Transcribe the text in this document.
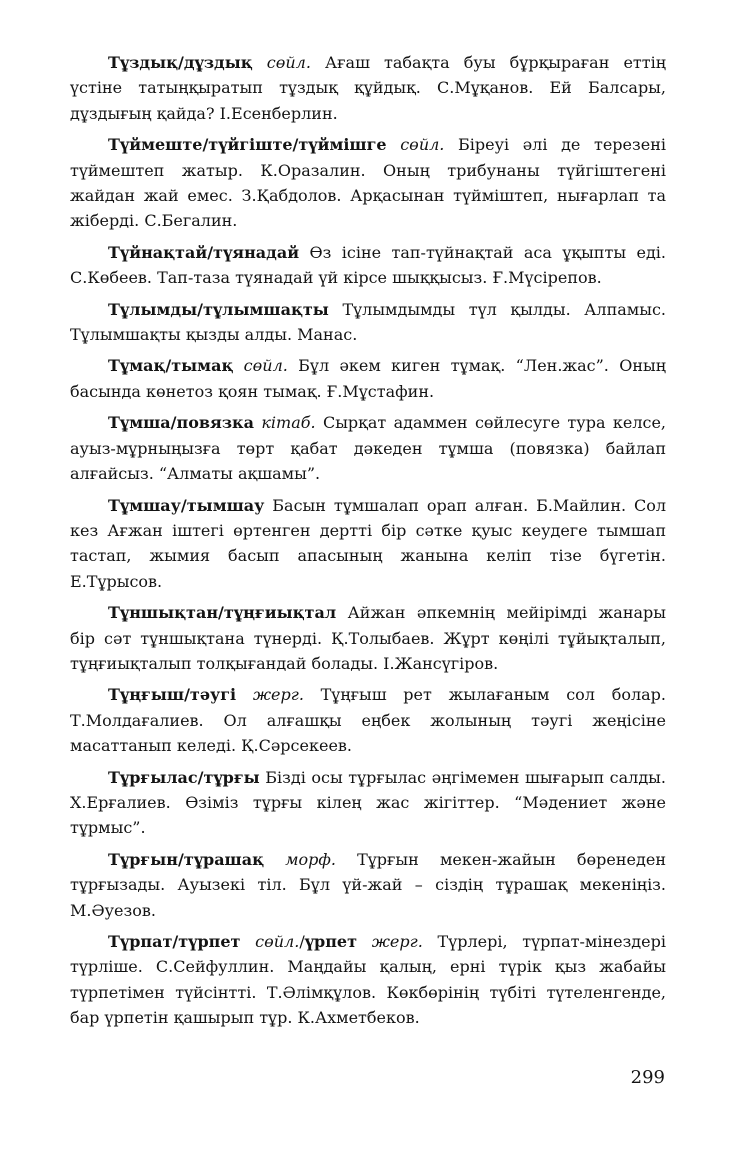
Тұздық/дұздық сөйл. Ағаш табақта буы бұрқыраған еттің үстіне татыңқыратып тұздық құйдық. С.Мұқанов. Ей Балсары, дұздығың қайда? І.Есенберлин.

Түймеште/түйгіште/түймішге сөйл. Біреуі әлі де терезені түймештеп жатыр. К.Оразалин. Оның трибунаны түйгіштегені жайдан жай емес. З.Қабдолов. Арқасынан түйміштеп, нығарлап та жіберді. С.Бегалин.

Түйнақтай/түянадай Өз ісіне тап-түйнақтай аса ұқыпты еді. С.Көбеев. Тап-таза түянадай үй кірсе шыққысыз. Ғ.Мүсірепов.

Тұлымды/тұлымшақты Тұлымдымды түл қылды. Алпамыс. Тұлымшақты қызды алды. Манас.

Тұмақ/тымақ сөйл. Бұл әкем киген тұмақ. “Лен.жас”. Оның басында көнетоз қоян тымақ. Ғ.Мұстафин.

Тұмша/повязка кітаб. Сырқат адаммен сөйлесуге тура келсе, ауыз-мұрныңызға төрт қабат дәкеден тұмша (повязка) байлап алғайсыз. “Алматы ақшамы”.

Тұмшау/тымшау Басын тұмшалап орап алған. Б.Майлин. Сол кез Ағжан іштегі өртенген дертті бір сәтке қуыс кеудеге тымшап тастап, жымия басып апасының жанына келіп тізе бүгетін. Е.Тұрысов.

Тұншықтан/тұңғиықтал Айжан әпкемнің мейірімді жанары бір сәт тұншықтана түнерді. Қ.Толыбаев. Жұрт көңілі тұйықталып, тұңғиықталып толқығандай болады. І.Жансүгіров.

Тұңғыш/тәугі жерг. Тұңғыш рет жылағаным сол болар. Т.Молдағалиев. Ол алғашқы еңбек жолының тәугі жеңісіне масаттанып келеді. Қ.Сәрсекеев.

Тұрғылас/тұрғы Бізді осы тұрғылас әңгімемен шығарып салды. Х.Ерғалиев. Өзіміз тұрғы кілең жас жігіттер. “Мәдениет және тұрмыс”.

Тұрғын/тұрашақ морф. Тұрғын мекен-жайын бөренеден тұрғызады. Ауызекі тіл. Бұл үй-жай – сіздің тұрашақ мекеніңіз. М.Әуезов.

Түрпат/түрпет сөйл./үрпет жерг. Түрлері, түрпат-мінездері түрліше. С.Сейфуллин. Маңдайы қалың, ерні түрік қыз жабайы түрпетімен түйсінтті. Т.Әлімқұлов. Көкбөрінің түбіті түтеленгенде, бар үрпетін қашырып тұр. К.Ахметбеков.

299
